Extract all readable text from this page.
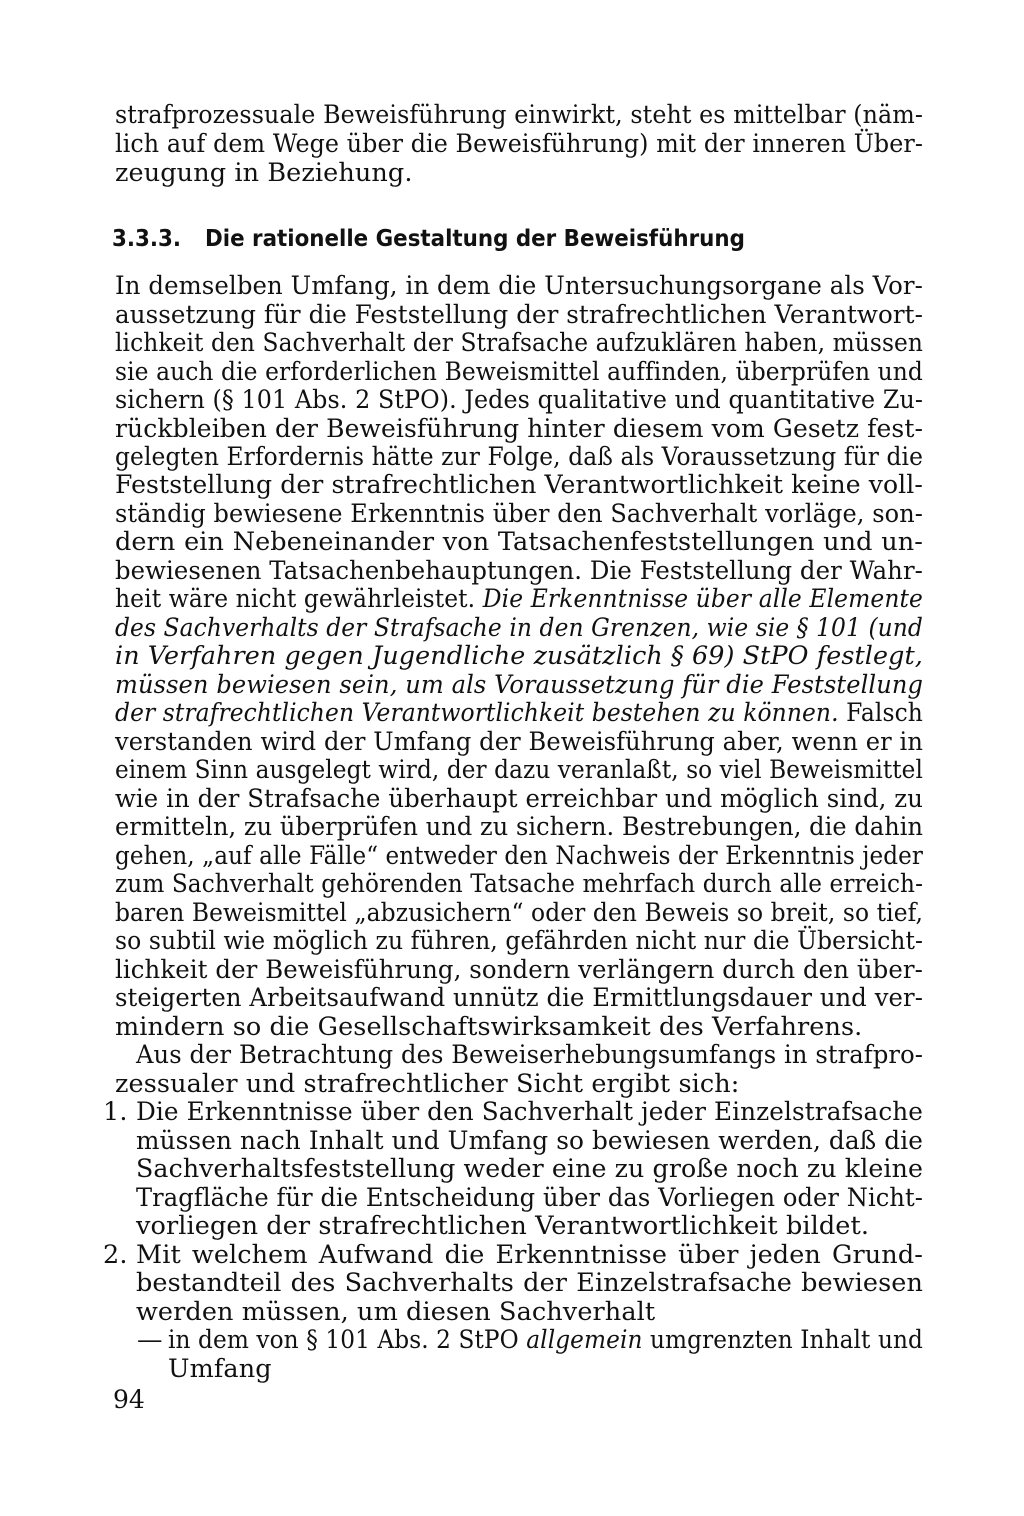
strafprozessuale Beweisführung einwirkt, steht es mittelbar (näm-
lich auf dem Wege über die Beweisführung) mit der inneren Über-
zeugung in Beziehung.
3.3.3. Die rationelle Gestaltung der Beweisführung
In demselben Umfang, in dem die Untersuchungsorgane als Vor-
aussetzung für die Feststellung der strafrechtlichen Verantwort-
lichkeit den Sachverhalt der Strafsache aufzuklären haben, müssen
sie auch die erforderlichen Beweismittel auffinden, überprüfen und
sichern (§ 101 Abs. 2 StPO). Jedes qualitative und quantitative Zu-
rückbleiben der Beweisführung hinter diesem vom Gesetz fest-
gelegten Erfordernis hätte zur Folge, daß als Voraussetzung für die
Feststellung der strafrechtlichen Verantwortlichkeit keine voll-
ständig bewiesene Erkenntnis über den Sachverhalt vorläge, son-
dern ein Nebeneinander von Tatsachenfeststellungen und un-
bewiesenen Tatsachenbehauptungen. Die Feststellung der Wahr-
heit wäre nicht gewährleistet. Die Erkenntnisse über alle Elemente
des Sachverhalts der Strafsache in den Grenzen, wie sie § 101 (und
in Verfahren gegen Jugendliche zusätzlich § 69) StPO festlegt,
müssen bewiesen sein, um als Voraussetzung für die Feststellung
der strafrechtlichen Verantwortlichkeit bestehen zu können. Falsch
verstanden wird der Umfang der Beweisführung aber, wenn er in
einem Sinn ausgelegt wird, der dazu veranlaßt, so viel Beweismittel
wie in der Strafsache überhaupt erreichbar und möglich sind, zu
ermitteln, zu überprüfen und zu sichern. Bestrebungen, die dahin
gehen, „auf alle Fälle“ entweder den Nachweis der Erkenntnis jeder
zum Sachverhalt gehörenden Tatsache mehrfach durch alle erreich-
baren Beweismittel „abzusichern“ oder den Beweis so breit, so tief,
so subtil wie möglich zu führen, gefährden nicht nur die Übersicht-
lichkeit der Beweisführung, sondern verlängern durch den über-
steigerten Arbeitsaufwand unnütz die Ermittlungsdauer und ver-
mindern so die Gesellschaftswirksamkeit des Verfahrens.
Aus der Betrachtung des Beweiserhebungsumfangs in strafpro-
zessualer und strafrechtlicher Sicht ergibt sich:
1. Die Erkenntnisse über den Sachverhalt jeder Einzelstrafsache
müssen nach Inhalt und Umfang so bewiesen werden, daß die
Sachverhaltsfeststellung weder eine zu große noch zu kleine
Tragfläche für die Entscheidung über das Vorliegen oder Nicht-
vorliegen der strafrechtlichen Verantwortlichkeit bildet.
2. Mit welchem Aufwand die Erkenntnisse über jeden Grund-
bestandteil des Sachverhalts der Einzelstrafsache bewiesen
werden müssen, um diesen Sachverhalt
— in dem von § 101 Abs. 2 StPO allgemein umgrenzten Inhalt und
Umfang
94
